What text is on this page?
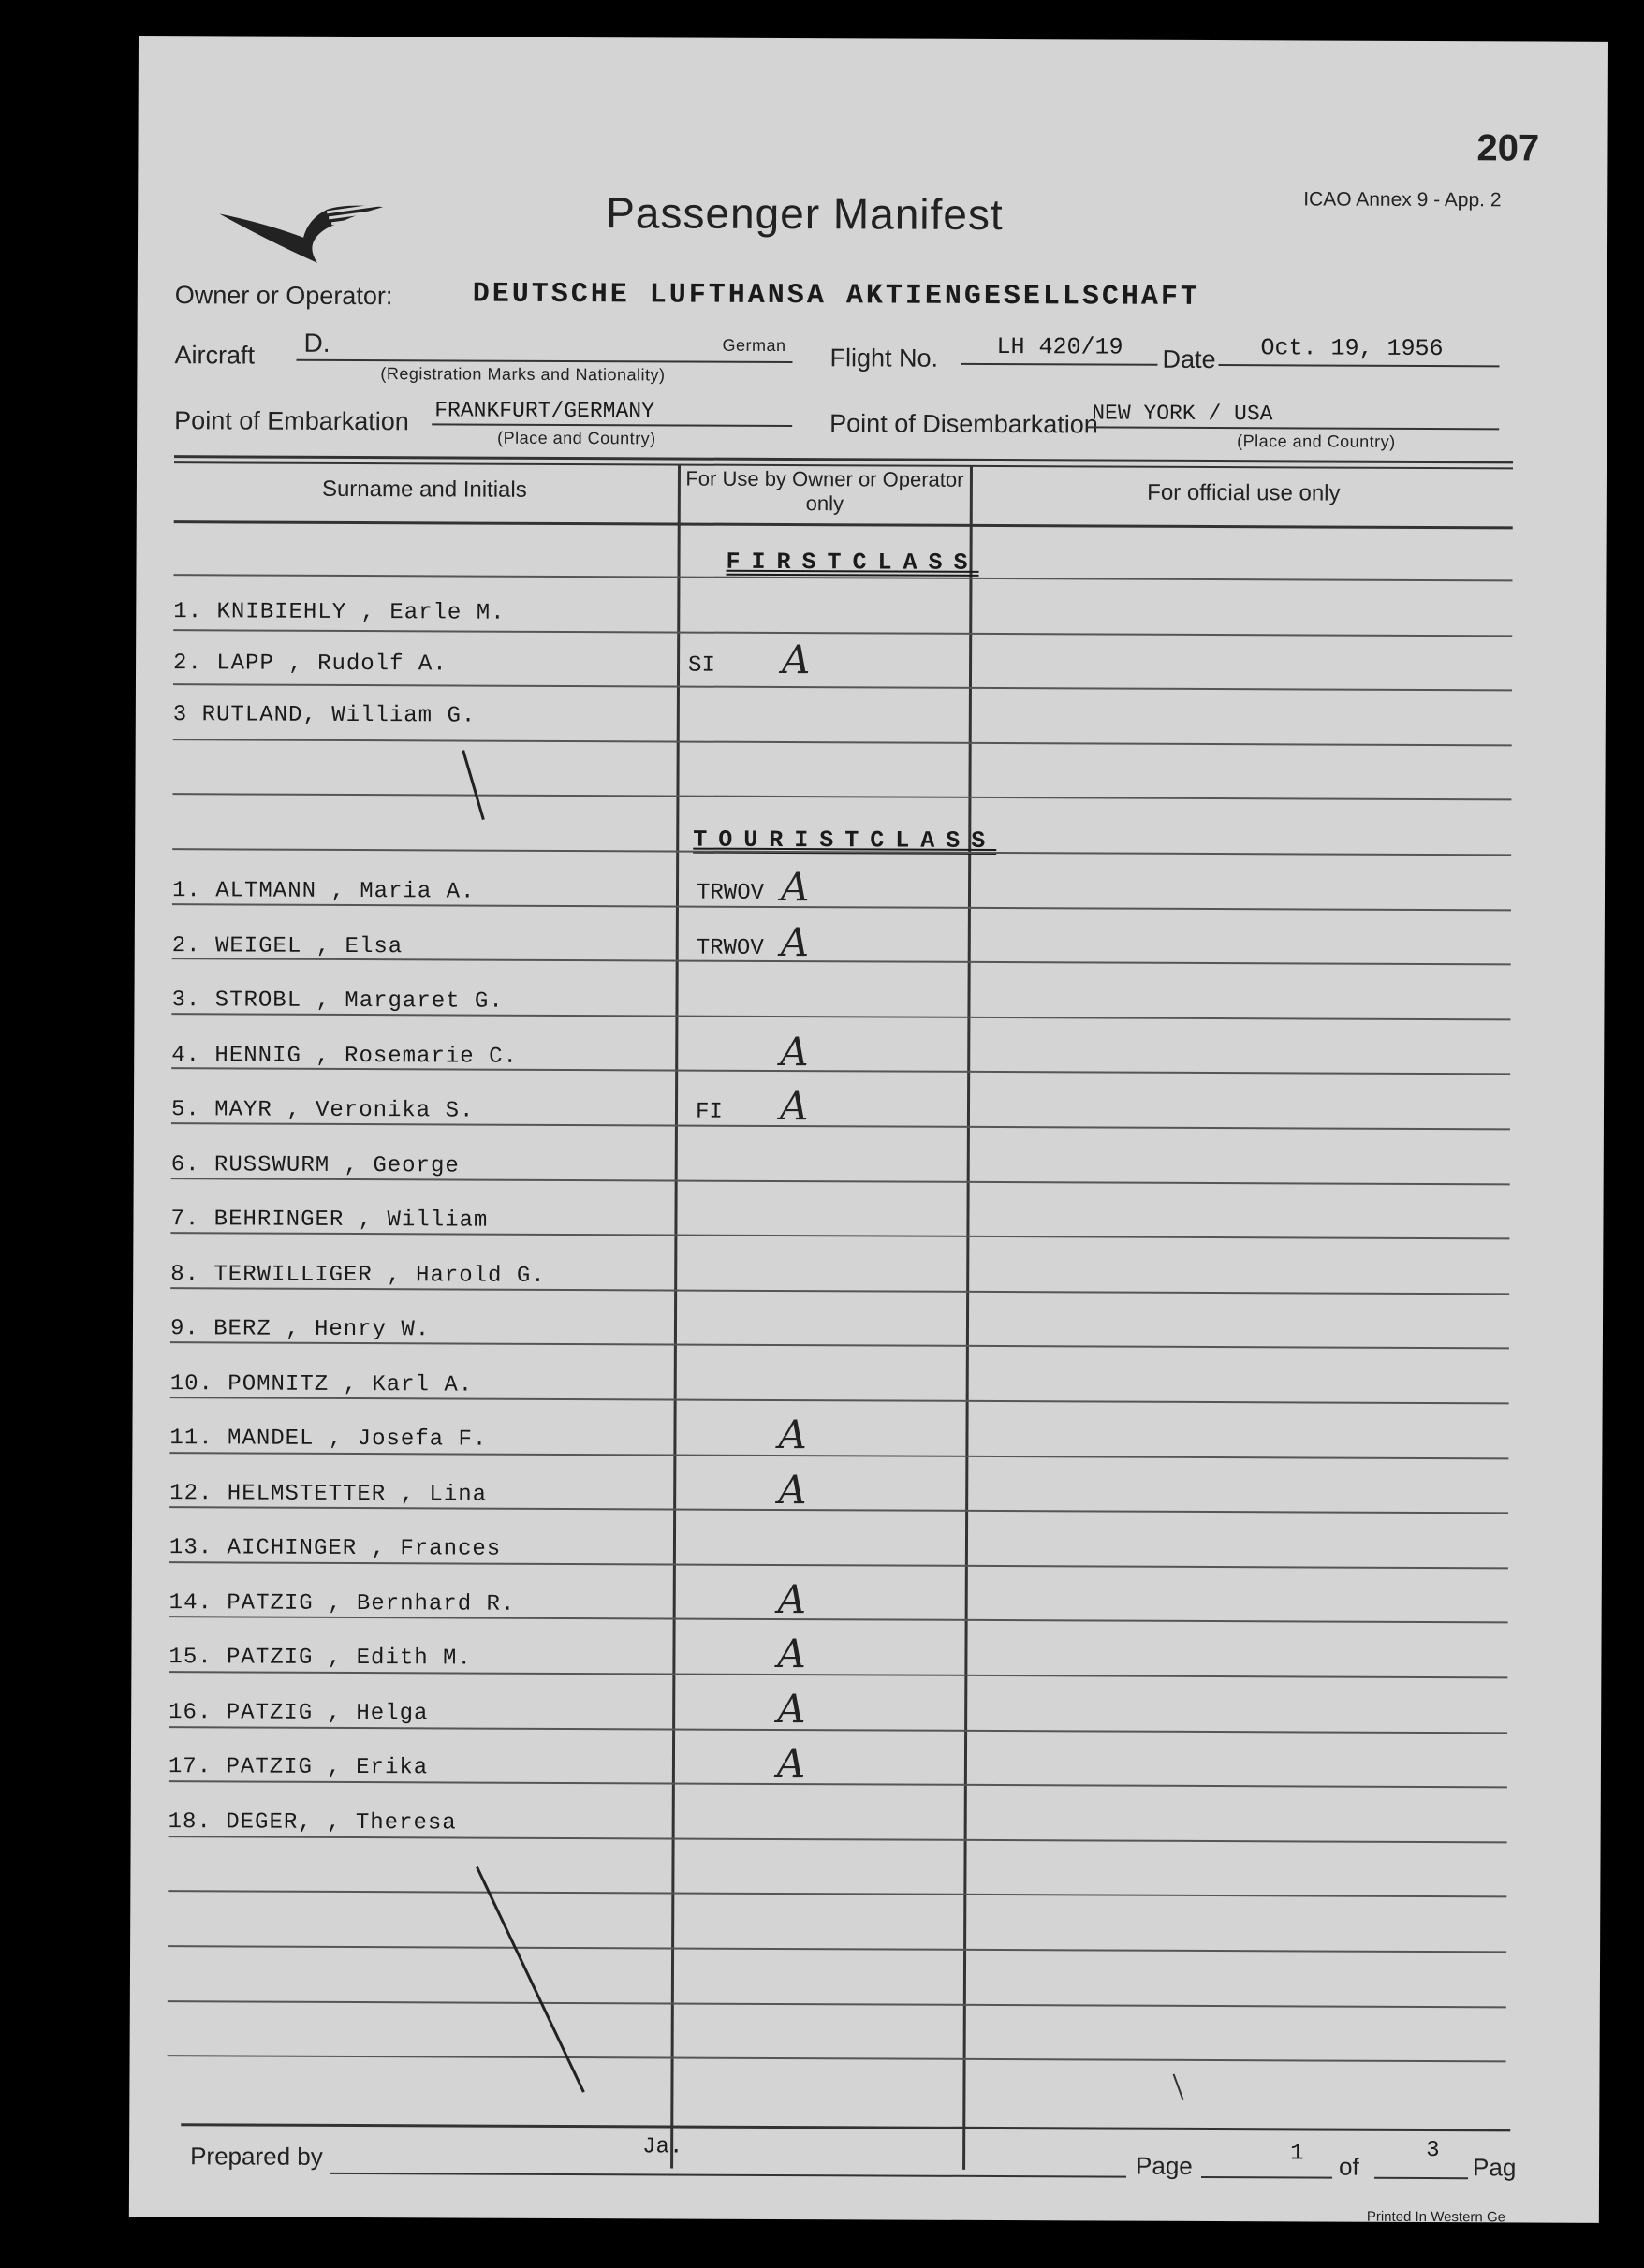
Passenger Manifest
207
ICAO Annex 9 - App. 2
Owner or Operator:	DEUTSCHE LUFTHANSA AKTIENGESELLSCHAFT
Aircraft D.	German
(Registration Marks and Nationality)
Flight No. LH 420/19 Date Oct. 19, 1956
Point of Embarkation FRANKFURT/GERMANY
(Place and Country)	Point of Disembarkation
NEW YORK / USA
(Place and Country)
Surname and Initials	For Use by Owner or Operator only	For official use only
FIRSTCLASS
1. KNIBIEHLY , Earle M.
2. LAPP , Rudolf A.	SI A
3 RUTLAND, William G.
TOURISTCLASS
1. ALTMANN , Maria A.	TRWOV A
2. WEIGEL , Elsa	TRWOV A
3. STROBL , Margaret G.
4. HENNIG , Rosemarie C.	A
5. MAYR , Veronika S.	FI A
6. RUSSWURM , George
7. BEHRINGER , William
8. TERWILLIGER , Harold G.
9. BERZ , Henry W.
10. POMNITZ , Karl A.
11. MANDEL , Josefa F.	A
12. HELMSTETTER , Lina	A
13. AICHINGER , Frances
14. PATZIG , Bernhard R.	A
15. PATZIG , Edith M.	A
16. PATZIG , Helga	A
17. PATZIG , Erika	A
18. DEGER, , Theresa
Prepared by	Ja.
Page	1 of
3
Pag
Printed In Western Ge
